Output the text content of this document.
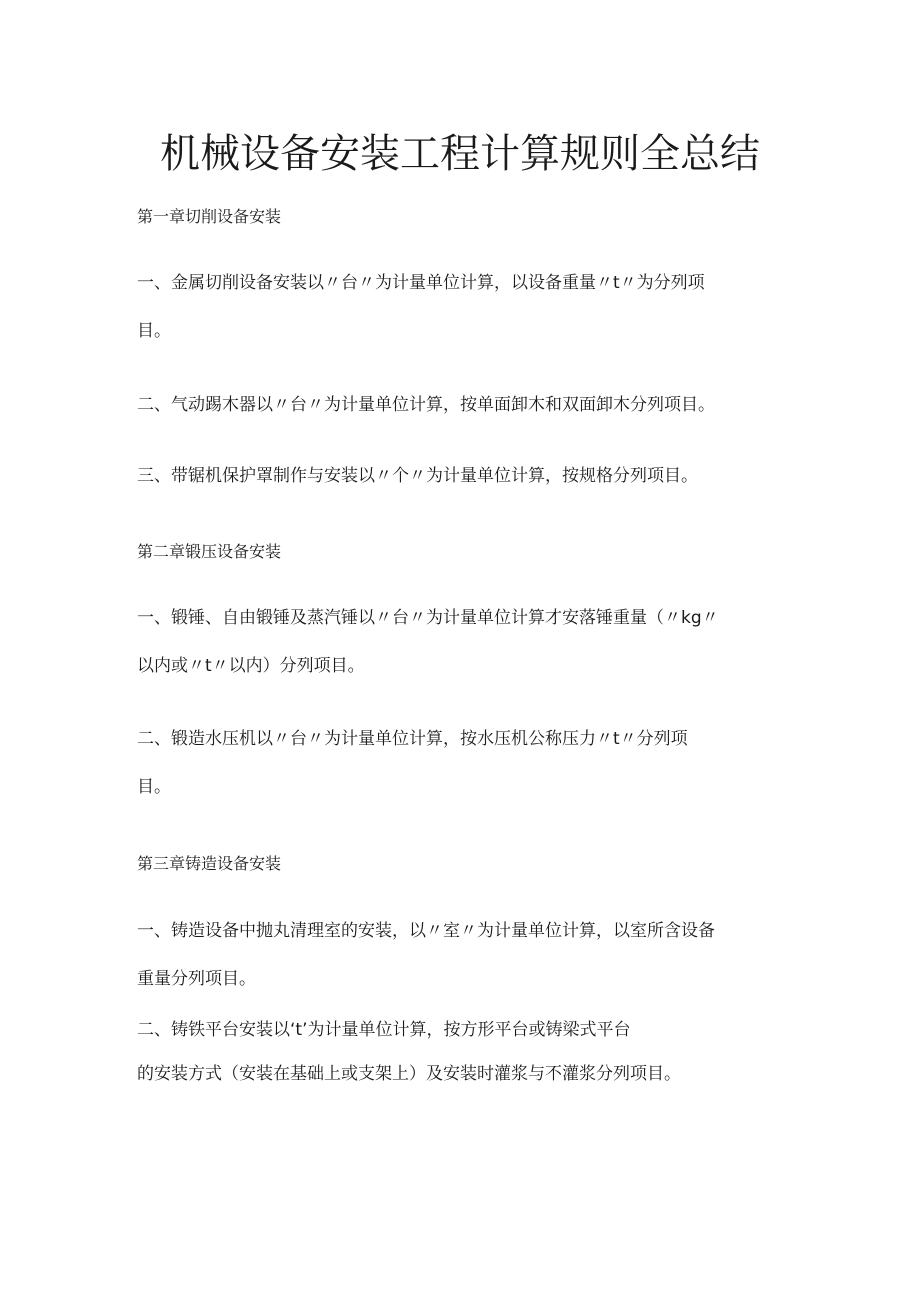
机械设备安装工程计算规则全总结

第一章切削设备安装

一、金属切削设备安装以〃台〃为计量单位计算，以设备重量〃t〃为分列项
目。

二、气动踢木器以〃台〃为计量单位计算，按单面卸木和双面卸木分列项目。

三、带锯机保护罩制作与安装以〃个〃为计量单位计算，按规格分列项目。

第二章锻压设备安装

一、锻锤、自由锻锤及蒸汽锤以〃台〃为计量单位计算才安落锤重量（〃kg〃
以内或〃t〃以内）分列项目。

二、锻造水压机以〃台〃为计量单位计算，按水压机公称压力〃t〃分列项
目。

第三章铸造设备安装

一、铸造设备中抛丸清理室的安装，以〃室〃为计量单位计算，以室所含设备
重量分列项目。

二、铸铁平台安装以‘t’为计量单位计算，按方形平台或铸梁式平台
的安装方式（安装在基础上或支架上）及安装时灌浆与不灌浆分列项目。
